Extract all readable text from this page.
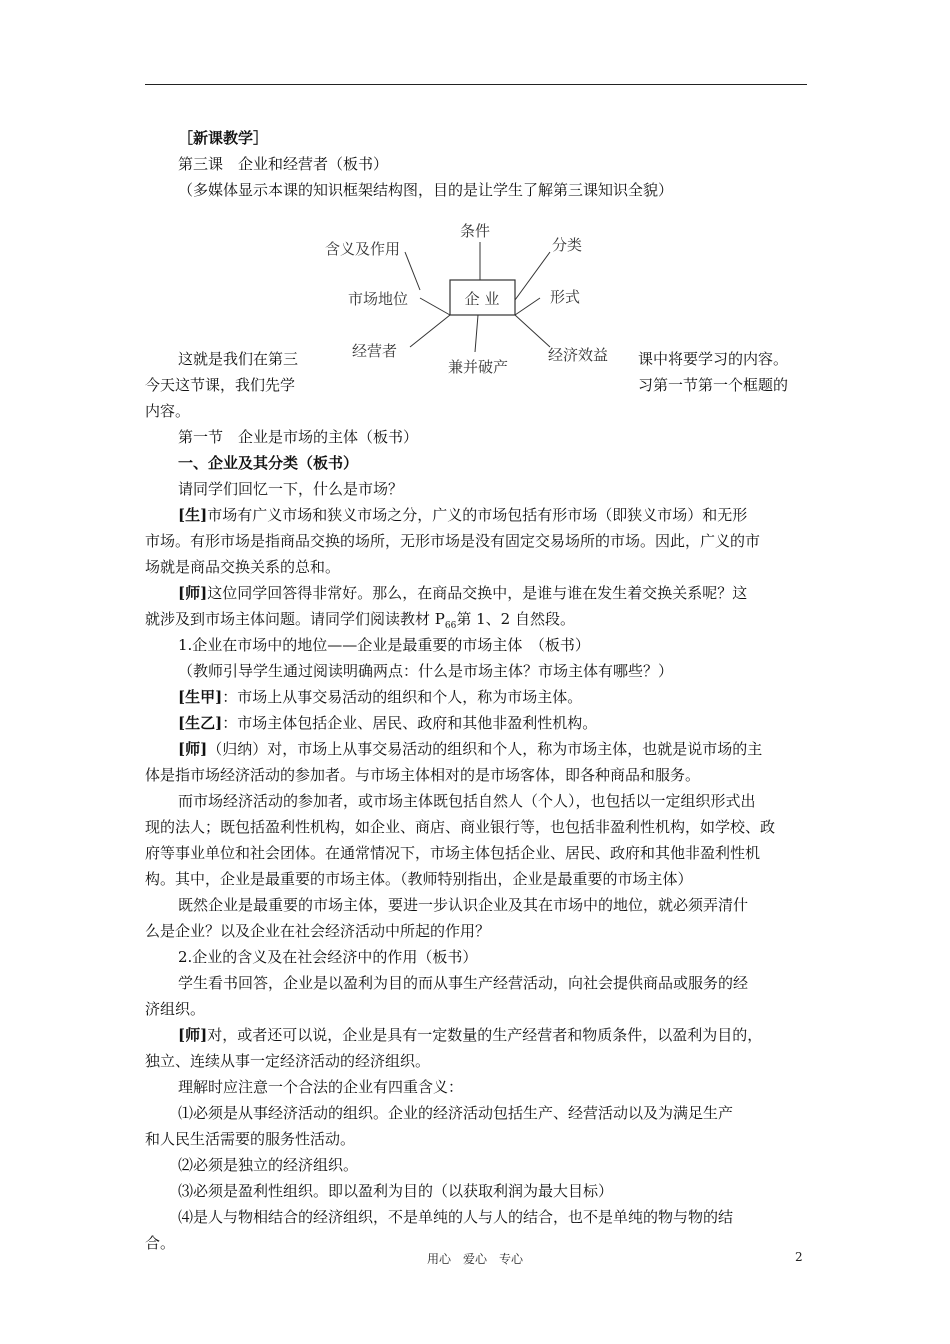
［新课教学］
第三课　企业和经营者（板书）
（多媒体显示本课的知识框架结构图，目的是让学生了解第三课知识全貌）
企 业
含义及作用
条件
分类
市场地位	形式
经营者
兼并破产
经济效益
这就是我们在第三	课中将要学习的内容。
今天这节课，我们先学	习第一节第一个框题的
内容。
第一节　企业是市场的主体（板书）
一、企业及其分类（板书）
请同学们回忆一下，什么是市场？
[生]市场有广义市场和狭义市场之分，广义的市场包括有形市场（即狭义市场）和无形
市场。有形市场是指商品交换的场所，无形市场是没有固定交易场所的市场。因此，广义的市
场就是商品交换关系的总和。
[师]这位同学回答得非常好。那么，在商品交换中，是谁与谁在发生着交换关系呢？这
就涉及到市场主体问题。请同学们阅读教材 $P_{66}$第 1、2 自然段。
1.企业在市场中的地位——企业是最重要的市场主体　（板书）
（教师引导学生通过阅读明确两点：什么是市场主体？市场主体有哪些？）
[生甲]：市场上从事交易活动的组织和个人，称为市场主体。
[生乙]：市场主体包括企业、居民、政府和其他非盈利性机构。
[师]（归纳）对，市场上从事交易活动的组织和个人，称为市场主体，也就是说市场的主
体是指市场经济活动的参加者。与市场主体相对的是市场客体，即各种商品和服务。
而市场经济活动的参加者，或市场主体既包括自然人（个人），也包括以一定组织形式出
现的法人；既包括盈利性机构，如企业、商店、商业银行等，也包括非盈利性机构，如学校、政
府等事业单位和社会团体。在通常情况下，市场主体包括企业、居民、政府和其他非盈利性机
构。其中，企业是最重要的市场主体。（教师特别指出，企业是最重要的市场主体）
既然企业是最重要的市场主体，要进一步认识企业及其在市场中的地位，就必须弄清什
么是企业？以及企业在社会经济活动中所起的作用？
2.企业的含义及在社会经济中的作用（板书）
学生看书回答，企业是以盈利为目的而从事生产经营活动，向社会提供商品或服务的经
济组织。
[师]对，或者还可以说，企业是具有一定数量的生产经营者和物质条件，以盈利为目的，
独立、连续从事一定经济活动的经济组织。
理解时应注意一个合法的企业有四重含义：
⑴必须是从事经济活动的组织。企业的经济活动包括生产、经营活动以及为满足生产
和人民生活需要的服务性活动。
⑵必须是独立的经济组织。
⑶必须是盈利性组织。即以盈利为目的（以获取利润为最大目标）
⑷是人与物相结合的经济组织，不是单纯的人与人的结合，也不是单纯的物与物的结
合。
用心　爱心　专心	2
